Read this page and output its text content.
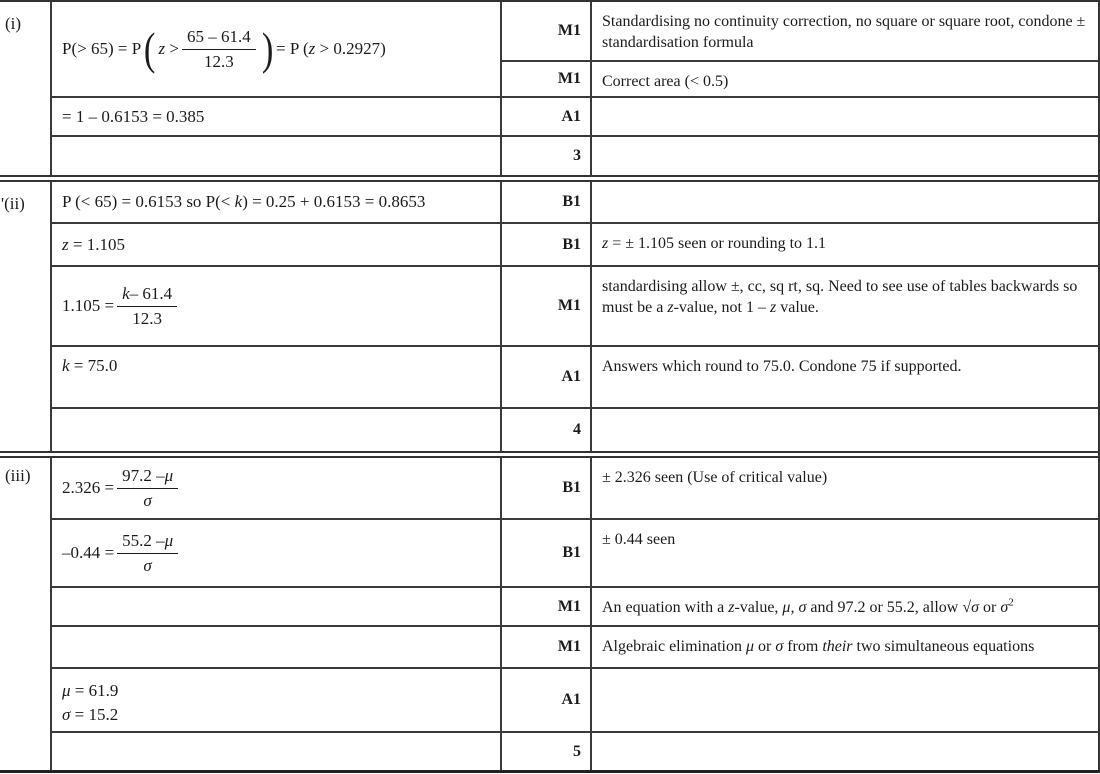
(i)
P(> 65) = P ( $z > \frac{65 - 61.4}{12.3}$ ) = P (z > 0.2927)
= 1 – 0.6153 = 0.385
M1
M1
A1
3
Standardising no continuity correction, no square or square root, condone ± standardisation formula
Correct area (< 0.5)
'(ii)	P (< 65) = 0.6153 so P(< k) = 0.25 + 0.6153 = 0.8653
z = 1.105
$1.105 = \frac{k - 61.4}{12.3}$
k = 75.0
B1
B1
M1
A1
4
z = ± 1.105 seen or rounding to 1.1
standardising allow ±, cc, sq rt, sq. Need to see use of tables backwards so must be a z-value, not 1 – z value.
Answers which round to 75.0. Condone 75 if supported.
(iii)
$2.326 = \frac{97.2 - \mu}{\sigma}$
$-0.44 = \frac{55.2 - \mu}{\sigma}$
μ = 61.9
σ = 15.2
B1
B1
M1
M1
A1
5
± 2.326 seen (Use of critical value)
± 0.44 seen
An equation with a z-value, μ, σ and 97.2 or 55.2, allow √σ or $\sigma^2$
Algebraic elimination μ or σ from their two simultaneous equations
